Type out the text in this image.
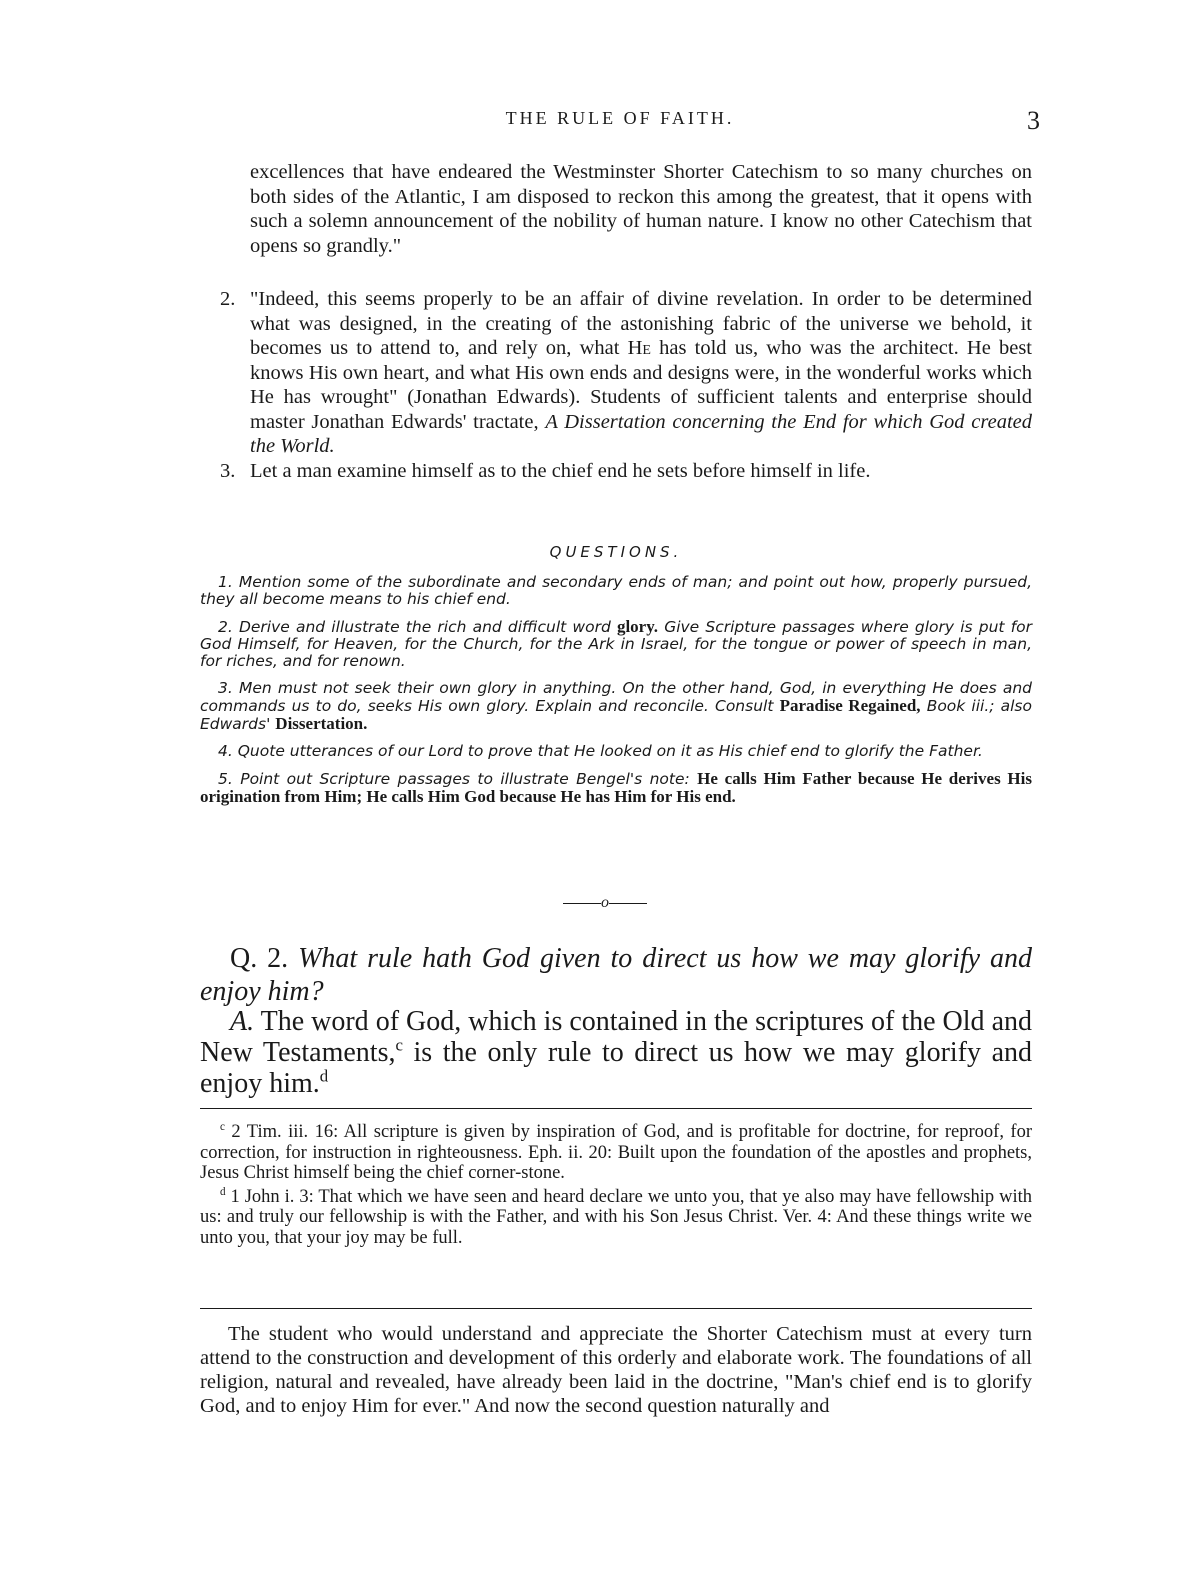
THE RULE OF FAITH.	3

excellences that have endeared the Westminster Shorter Catechism to so many churches on both sides of the Atlantic, I am disposed to reckon this among the greatest, that it opens with such a solemn announcement of the nobility of human nature. I know no other Catechism that opens so grandly."

2. "Indeed, this seems properly to be an affair of divine revelation. In order to be determined what was designed, in the creating of the astonishing fabric of the universe we behold, it becomes us to attend to, and rely on, what He has told us, who was the architect. He best knows His own heart, and what His own ends and designs were, in the wonderful works which He has wrought" (Jonathan Edwards). Students of sufficient talents and enterprise should master Jonathan Edwards' tractate, A Dissertation concerning the End for which God created the World.
3. Let a man examine himself as to the chief end he sets before himself in life.
QUESTIONS.

1. Mention some of the subordinate and secondary ends of man; and point out how, properly pursued, they all become means to his chief end.

2. Derive and illustrate the rich and difficult word glory. Give Scripture passages where glory is put for God Himself, for Heaven, for the Church, for the Ark in Israel, for the tongue or power of speech in man, for riches, and for renown.

3. Men must not seek their own glory in anything. On the other hand, God, in everything He does and commands us to do, seeks His own glory. Explain and reconcile. Consult Paradise Regained, Book iii.; also Edwards' Dissertation.

4. Quote utterances of our Lord to prove that He looked on it as His chief end to glorify the Father.

5. Point out Scripture passages to illustrate Bengel's note: He calls Him Father because He derives His origination from Him; He calls Him God because He has Him for His end.

o
Q. 2. What rule hath God given to direct us how we may glorify and enjoy him?
A. The word of God, which is contained in the scriptures of the Old and New Testaments,$^c$ is the only rule to direct us how we may glorify and enjoy him.$^d$

$^c$ 2 Tim. iii. 16: All scripture is given by inspiration of God, and is profitable for doctrine, for reproof, for correction, for instruction in righteousness. Eph. ii. 20: Built upon the foundation of the apostles and prophets, Jesus Christ himself being the chief corner-stone.

$^d$ 1 John i. 3: That which we have seen and heard declare we unto you, that ye also may have fellowship with us: and truly our fellowship is with the Father, and with his Son Jesus Christ. Ver. 4: And these things write we unto you, that your joy may be full.

The student who would understand and appreciate the Shorter Catechism must at every turn attend to the construction and development of this orderly and elaborate work. The foundations of all religion, natural and revealed, have already been laid in the doctrine, "Man's chief end is to glorify God, and to enjoy Him for ever." And now the second question naturally and
